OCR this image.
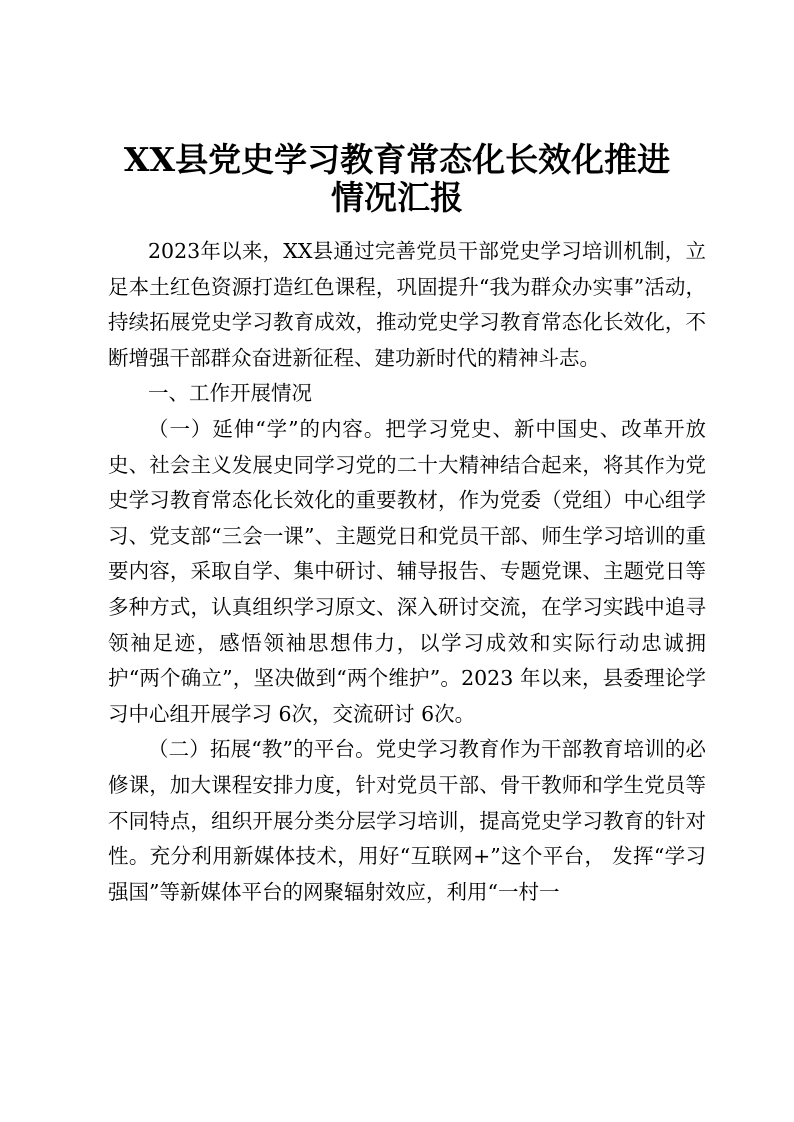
XX县党史学习教育常态化长效化推进
情况汇报

2023年以来，XX县通过完善党员干部党史学习培训机制，立足本土红色资源打造红色课程，巩固提升“我为群众办实事”活动，持续拓展党史学习教育成效，推动党史学习教育常态化长效化，不断增强干部群众奋进新征程、建功新时代的精神斗志。

一、工作开展情况

（一）延伸“学”的内容。把学习党史、新中国史、改革开放史、社会主义发展史同学习党的二十大精神结合起来，将其作为党史学习教育常态化长效化的重要教材，作为党委（党组）中心组学习、党支部“三会一课”、主题党日和党员干部、师生学习培训的重要内容，采取自学、集中研讨、辅导报告、专题党课、主题党日等多种方式，认真组织学习原文、深入研讨交流，在学习实践中追寻领袖足迹，感悟领袖思想伟力，以学习成效和实际行动忠诚拥护“两个确立”，坚决做到“两个维护”。2023 年以来，县委理论学习中心组开展学习 6次，交流研讨 6次。

（二）拓展“教”的平台。党史学习教育作为干部教育培训的必修课，加大课程安排力度，针对党员干部、骨干教师和学生党员等不同特点，组织开展分类分层学习培训，提高党史学习教育的针对性。充分利用新媒体技术，用好“互联网+”这个平台， 发挥“学习强国”等新媒体平台的网聚辐射效应，利用“一村一
